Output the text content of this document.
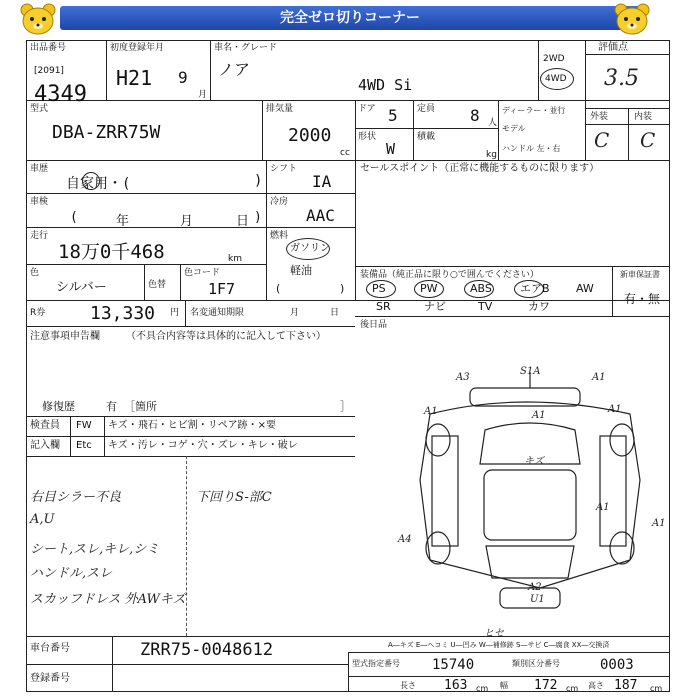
完全ゼロ切りコーナー
出品番号
[2091]
4349
初度登録年月
H21 9
月
車名・グレード
ノア
4WD Si
2WD
4WD
評価点
3.5
外装	内装
C C
型式
DBA-ZRR75W
排気量
2000
cc
ドア 5 定員 8 人
形状
W
積載
kg
ディーラー・並行
モデル
ハンドル 左・右
車歴
自家用・(	)
シフト
IA
セールスポイント（正常に機能するものに限ります）
車検
(	年	月	日 )
冷房
AAC
走行
18万0千468	km
燃料
ガソリン
軽油
(	)
色
シルバー	色替
色コード
1F7
R券 13,330 円 名変通知期限	月	日
装備品（純正品に限り○で囲んでください）	新車保証書
有・無
PS	PW	ABS	エアB AW
SR	ナビ	TV	カワ
後日品
注意事項申告欄	（不具合内容等は具体的に記入して下さい）
修復歴	有 ［箇所	］
検査員
記入欄
FW
Etc
キズ・飛石・ヒビ割・リペア跡・×要
キズ・汚レ・コゲ・穴・ズレ・キレ・破レ
右目シラー不良
A,U
シート,スレ,キレ,シミ
ハンドル,スレ
スカッフドレス 外AWキズ
下回りS-部C
A3
S1A
A1
A1	A1
A1
キズ
A4
A1
A2
U1
ヒセ
A1
A―キズ E―ヘコミ U―凹み W―補修跡 S―サビ C―腐食 XX―交換済
車台番号	ZRR75-0048612
登録番号
型式指定番号 15740	類別区分番号	0003
長さ 163 cm 幅 172 cm 高さ 187 cm
